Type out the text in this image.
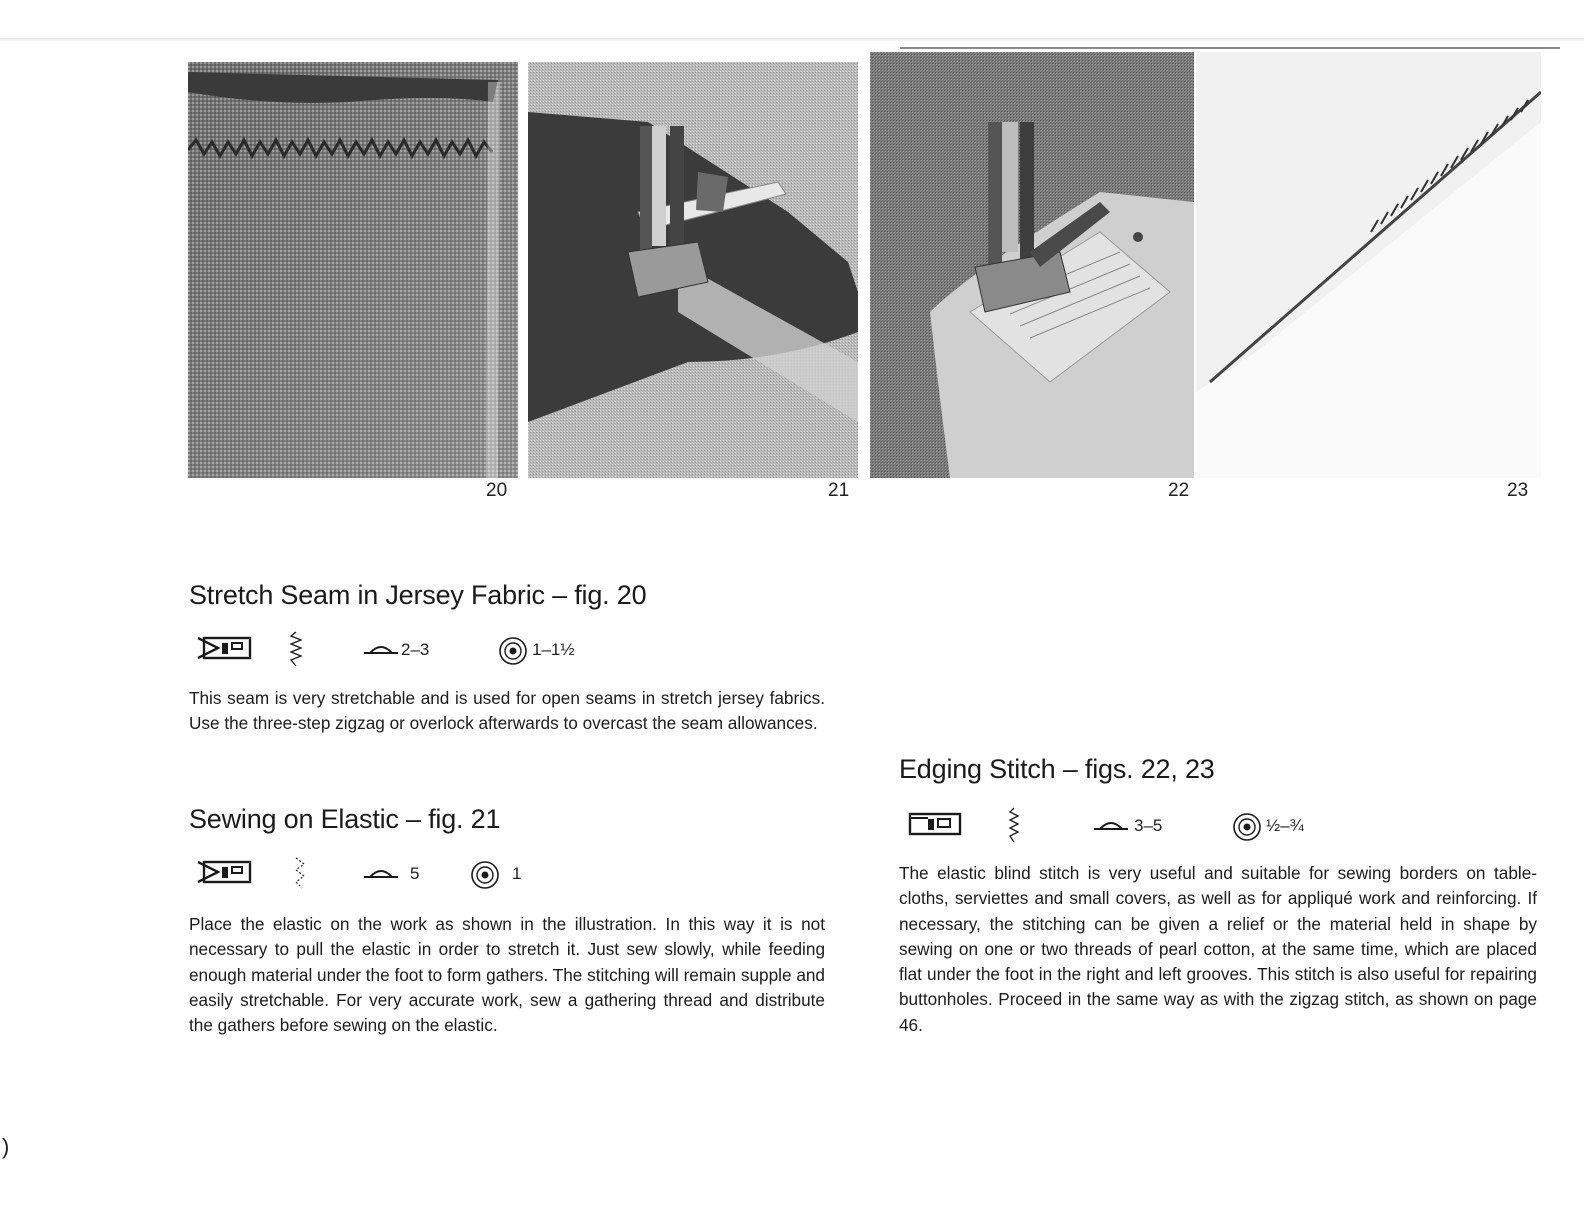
20	21	22	23
Stretch Seam in Jersey Fabric – fig. 20
2–3	1–1½

This seam is very stretchable and is used for open seams in stretch jersey fabrics. Use the three-step zigzag or overlock afterwards to overcast the seam allowances.

Sewing on Elastic – fig. 21
5	1

Place the elastic on the work as shown in the illustration. In this way it is not necessary to pull the elastic in order to stretch it. Just sew slowly, while feeding enough material under the foot to form gathers. The stitching will remain supple and easily stretchable. For very accurate work, sew a gathering thread and distribute the gathers before sewing on the elastic.

Edging Stitch – figs. 22, 23
3–5	½–¾

The elastic blind stitch is very useful and suitable for sewing borders on table-cloths, serviettes and small covers, as well as for appliqué work and reinforcing. If necessary, the stitching can be given a relief or the material held in shape by sewing on one or two threads of pearl cotton, at the same time, which are placed flat under the foot in the right and left grooves. This stitch is also useful for repairing buttonholes. Proceed in the same way as with the zigzag stitch, as shown on page 46.

)
